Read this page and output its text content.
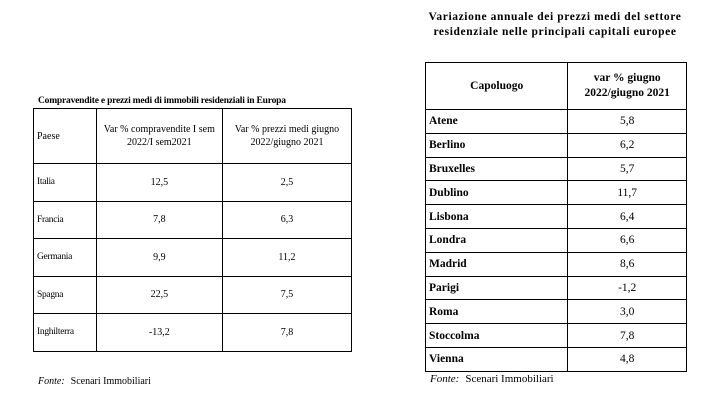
Compravendite e prezzi medi di immobili residenziali in Europa
Paese	Var % compravendite I sem 2022/I sem2021	Var % prezzi medi giugno 2022/giugno 2021
Italia	12,5	2,5
Francia	7,8	6,3
Germania	9,9	11,2
Spagna	22,5	7,5
Inghilterra	-13,2	7,8
Fonte: Scenari Immobiliari
Variazione annuale dei prezzi medi del settore residenziale nelle principali capitali europee
Capoluogo	var % giugno 2022/giugno 2021
Atene	5,8
Berlino	6,2
Bruxelles	5,7
Dublino	11,7
Lisbona	6,4
Londra	6,6
Madrid	8,6
Parigi	-1,2
Roma	3,0
Stoccolma	7,8
Vienna	4,8
Fonte: Scenari Immobiliari
